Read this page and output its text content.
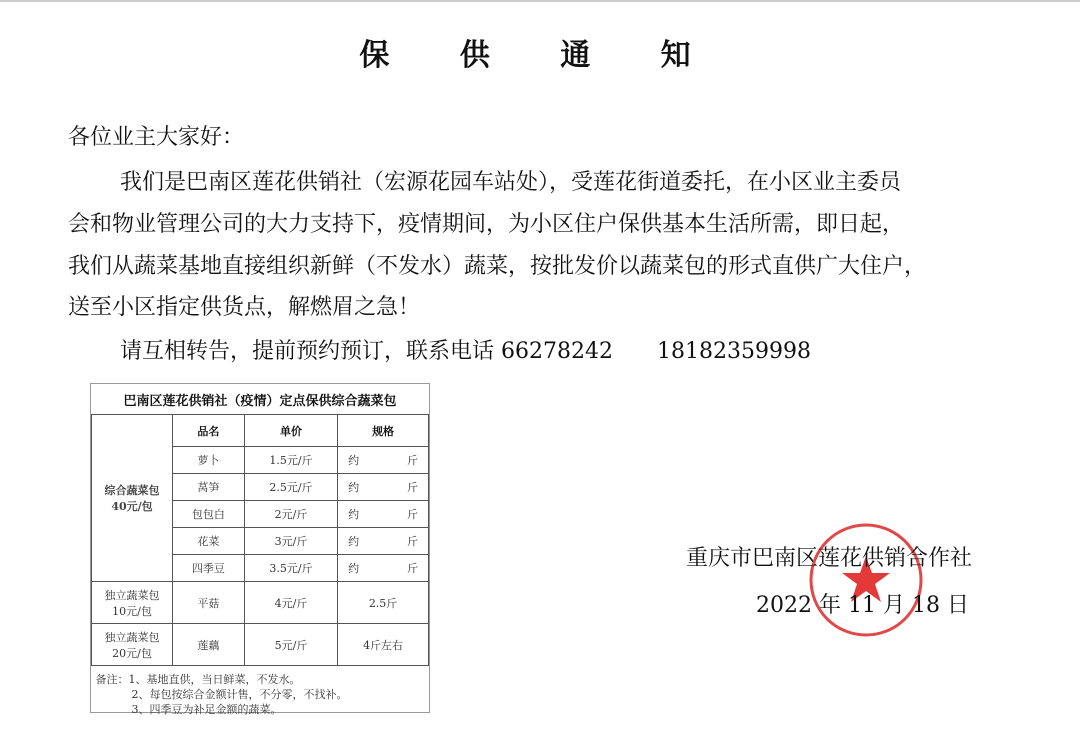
保 供 通 知
各位业主大家好：
我们是巴南区莲花供销社（宏源花园车站处），受莲花街道委托，在小区业主委员
会和物业管理公司的大力支持下，疫情期间，为小区住户保供基本生活所需，即日起，
我们从蔬菜基地直接组织新鲜（不发水）蔬菜，按批发价以蔬菜包的形式直供广大住户，
送至小区指定供货点，解燃眉之急！
请互相转告，提前预约预订，联系电话 66278242　　18182359998
巴南区莲花供销社（疫情）定点保供综合蔬菜包			
综合蔬菜包
40元/包	品名	单价	规格
	萝卜	1.5元/斤	约 斤

	莴笋	2.5元/斤	约 斤

	包包白	2元/斤	约 斤

	花菜	3元/斤	约 斤

	四季豆	3.5元/斤	约 斤

独立蔬菜包
10元/包	平菇	4元/斤	2.5斤
独立蔬菜包
20元/包	莲藕	5元/斤	4斤左右

备注：1、基地直供，当日鲜菜，不发水。
2、每包按综合金额计售，不分零，不找补。
3、四季豆为补足金额的蔬菜。			
重庆市巴南区莲花供销合作社
2022 年 11 月 18 日
